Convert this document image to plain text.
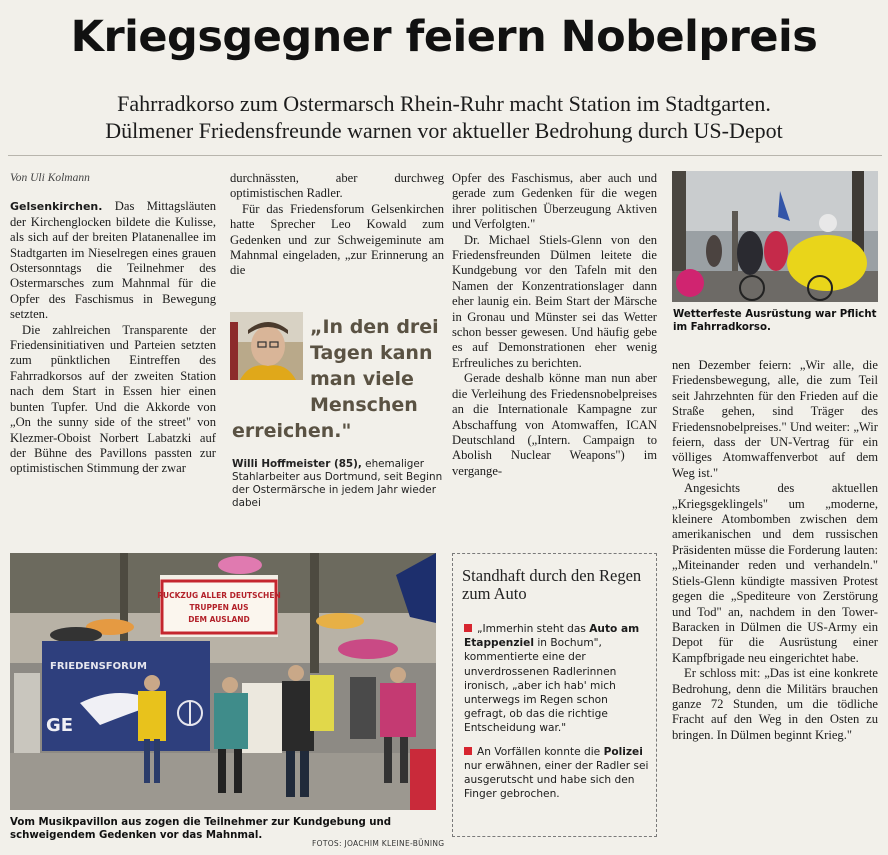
Kriegsgegner feiern Nobelpreis
Fahrradkorso zum Ostermarsch Rhein-Ruhr macht Station im Stadtgarten.
Dülmener Friedensfreunde warnen vor aktueller Bedrohung durch US-Depot

Von Uli Kolmann

Gelsenkirchen. Das Mittagsläuten der Kirchenglocken bildete die Kulisse, als sich auf der breiten Platanenallee im Stadtgarten im Nieselregen eines grauen Ostersonntags die Teilnehmer des Ostermarsches zum Mahnmal für die Opfer des Faschismus in Bewegung setzten.

Die zahlreichen Transparente der Friedensinitiativen und Parteien setzten zum pünktlichen Eintreffen des Fahrradkorsos auf der zweiten Station nach dem Start in Essen hier einen bunten Tupfer. Und die Akkorde von „On the sunny side of the street" von Klezmer-Oboist Norbert Labatzki auf der Bühne des Pavillons passten zur optimistischen Stimmung der zwar

durchnässten, aber durchweg optimistischen Radler.

Für das Friedensforum Gelsenkirchen hatte Sprecher Leo Kowald zum Gedenken und zur Schweigeminute am Mahnmal eingeladen, „zur Erinnerung an die

„In den drei
Tagen kann
man viele
Menschen
erreichen."
Willi Hoffmeister (85), ehemaliger Stahlarbeiter aus Dortmund, seit Beginn der Ostermärsche in jedem Jahr wieder dabei

Opfer des Faschismus, aber auch und gerade zum Gedenken für die wegen ihrer politischen Überzeugung Aktiven und Verfolgten."

Dr. Michael Stiels-Glenn von den Friedensfreunden Dülmen leitete die Kundgebung vor den Tafeln mit den Namen der Konzentrationslager dann eher launig ein. Beim Start der Märsche in Gronau und Münster sei das Wetter schon besser gewesen. Und häufig gebe es auf Demonstrationen eher wenig Erfreuliches zu berichten.

Gerade deshalb könne man nun aber die Verleihung des Friedensnobelpreises an die Internationale Kampagne zur Abschaffung von Atomwaffen, ICAN Deutschland („Intern. Campaign to Abolish Nuclear Weapons") im vergange-

Wetterfeste Ausrüstung war Pflicht im Fahrradkorso.

nen Dezember feiern: „Wir alle, die Friedensbewegung, alle, die zum Teil seit Jahrzehnten für den Frieden auf die Straße gehen, sind Träger des Friedensnobelpreises." Und weiter: „Wir feiern, dass der UN-Vertrag für ein völliges Atomwaffenverbot auf dem Weg ist."

Angesichts des aktuellen „Kriegsgeklingels" um „moderne, kleinere Atombomben zwischen dem amerikanischen und dem russischen Präsidenten müsse die Forderung lauten: „Miteinander reden und verhandeln." Stiels-Glenn kündigte massiven Protest gegen die „Spediteure von Zerstörung und Tod" an, nachdem in den Tower-Baracken in Dülmen die US-Army ein Depot für die Ausrüstung einer Kampfbrigade neu eingerichtet habe.

Er schloss mit: „Das ist eine konkrete Bedrohung, denn die Militärs brauchen ganze 72 Stunden, um die tödliche Fracht auf den Weg in den Osten zu bringen. In Dülmen beginnt Krieg."

RUCKZUG ALLER DEUTSCHEN
TRUPPEN AUS
DEM AUSLAND
FRIEDENSFORUM
GE
Vom Musikpavillon aus zogen die Teilnehmer zur Kundgebung und schweigendem Gedenken vor das Mahnmal.
FOTOS: JOACHIM KLEINE-BÜNING
Standhaft durch den Regen zum Auto

„Immerhin steht das Auto am Etappenziel in Bochum", kommentierte eine der unverdrossenen Radlerinnen ironisch, „aber ich hab' mich unterwegs im Regen schon gefragt, ob das die richtige Entscheidung war."

An Vorfällen konnte die Polizei nur erwähnen, einer der Radler sei ausgerutscht und habe sich den Finger gebrochen.
